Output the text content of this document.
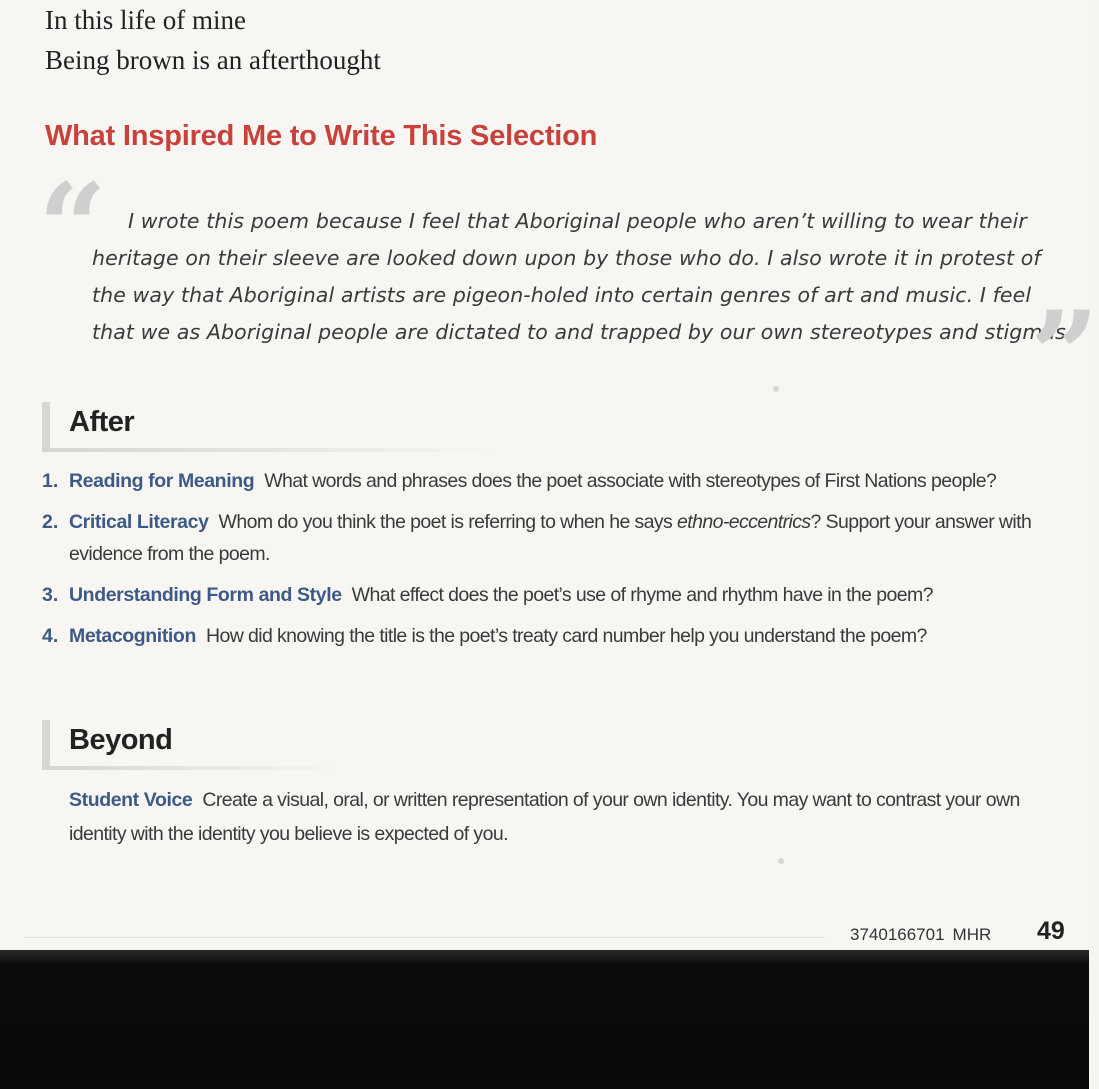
In this life of mine
Being brown is an afterthought
What Inspired Me to Write This Selection
“	I wrote this poem because I feel that Aboriginal people who aren’t willing to wear their heritage on their sleeve are looked down upon by those who do. I also wrote it in protest of the way that Aboriginal artists are pigeon-holed into certain genres of art and music. I feel that we as Aboriginal people are dictated to and trapped by our own stereotypes and stigmas.
”
After
1. Reading for Meaning What words and phrases does the poet associate with stereotypes of First Nations people?
2. Critical Literacy Whom do you think the poet is referring to when he says ethno-eccentrics? Support your answer with evidence from the poem.
3. Understanding Form and Style What effect does the poet’s use of rhyme and rhythm have in the poem?
4. Metacognition How did knowing the title is the poet’s treaty card number help you understand the poem?
Beyond
Student Voice Create a visual, oral, or written representation of your own identity. You may want to contrast your own identity with the identity you believe is expected of you.
3740166701 MHR 49
